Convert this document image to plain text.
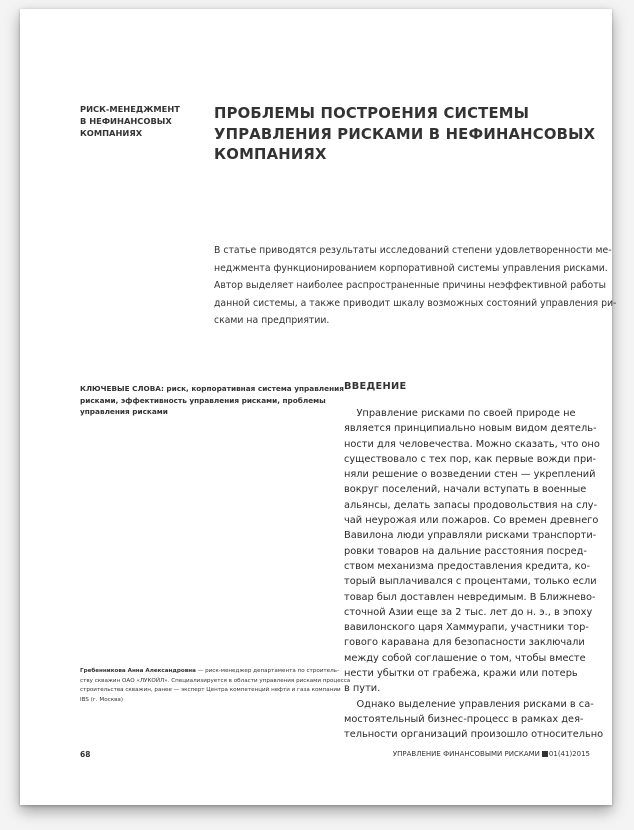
РИСК-МЕНЕДЖМЕНТ
В НЕФИНАНСОВЫХ
КОМПАНИЯХ
ПРОБЛЕМЫ ПОСТРОЕНИЯ СИСТЕМЫ
УПРАВЛЕНИЯ РИСКАМИ В НЕФИНАНСОВЫХ
КОМПАНИЯХ
В статье приводятся результаты исследований степени удовлетворенности ме-
неджмента функционированием корпоративной системы управления рисками.
Автор выделяет наиболее распространенные причины неэффективной работы
данной системы, а также приводит шкалу возможных состояний управления ри-
сками на предприятии.
КЛЮЧЕВЫЕ СЛОВА: риск, корпоративная система управления
рисками, эффективность управления рисками, проблемы
управления рисками
Гребенникова Анна Александровна — риск-менеджер департамента по строитель-
ству скважин ОАО «ЛУКОЙЛ». Специализируется в области управления рисками процесса
строительства скважин, ранее — эксперт Центра компетенций нефти и газа компании
IBS (г. Москва)
ВВЕДЕНИЕ
Управление рисками по своей природе не
является принципиально новым видом деятель-
ности для человечества. Можно сказать, что оно
существовало с тех пор, как первые вожди при-
няли решение о возведении стен — укреплений
вокруг поселений, начали вступать в военные
альянсы, делать запасы продовольствия на слу-
чай неурожая или пожаров. Со времен древнего
Вавилона люди управляли рисками транспорти-
ровки товаров на дальние расстояния посред-
ством механизма предоставления кредита, ко-
торый выплачивался с процентами, только если
товар был доставлен невредимым. В Ближнево-
сточной Азии еще за 2 тыс. лет до н. э., в эпоху
вавилонского царя Хаммурапи, участники тор-
гового каравана для безопасности заключали
между собой соглашение о том, чтобы вместе
нести убытки от грабежа, кражи или потерь
в пути.
Однако выделение управления рисками в са-
мостоятельный бизнес-процесс в рамках дея-
тельности организаций произошло относительно
68	УПРАВЛЕНИЕ ФИНАНСОВЫМИ РИСКАМИ 01(41)2015
